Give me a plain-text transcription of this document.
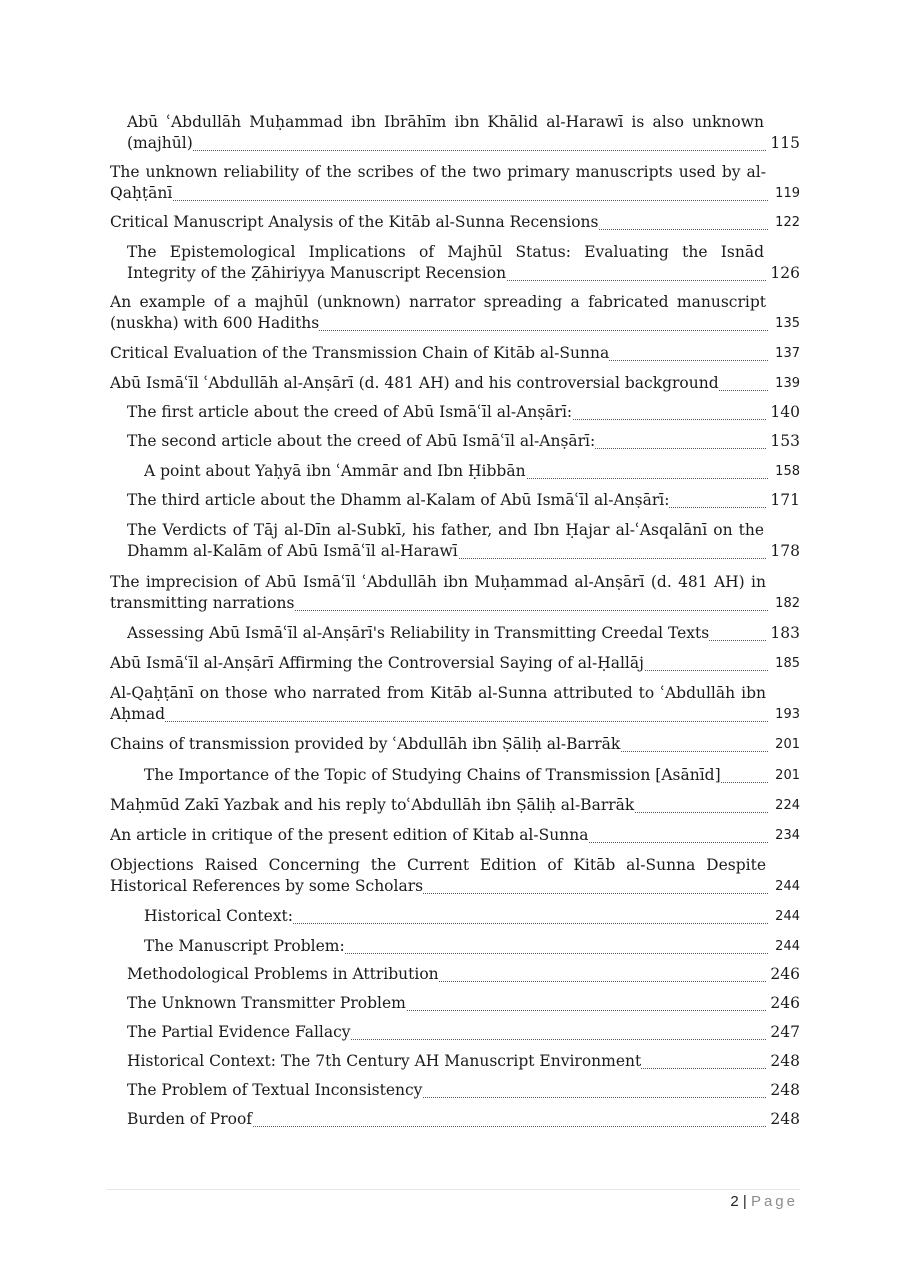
Abū ʿAbdullāh Muḥammad ibn Ibrāhīm ibn Khālid al-Harawī is also unknown (majhūl)	115
The unknown reliability of the scribes of the two primary manuscripts used by al-Qaḥṭānī	119
Critical Manuscript Analysis of the Kitāb al-Sunna Recensions	122
The Epistemological Implications of Majhūl Status: Evaluating the Isnād Integrity of the Ẓāhiriyya Manuscript Recension	126
An example of a majhūl (unknown) narrator spreading a fabricated manuscript (nuskha) with 600 Hadiths	135
Critical Evaluation of the Transmission Chain of Kitāb al-Sunna	137
Abū Ismāʿīl ʿAbdullāh al-Anṣārī (d. 481 AH) and his controversial background	139
The first article about the creed of Abū Ismāʿīl al-Anṣārī:	140
The second article about the creed of Abū Ismāʿīl al-Anṣārī:	153
A point about Yaḥyā ibn ʿAmmār and Ibn Ḥibbān	158
The third article about the Dhamm al-Kalam of Abū Ismāʿīl al-Anṣārī:	171
The Verdicts of Tāj al-Dīn al-Subkī, his father, and Ibn Ḥajar al-ʿAsqalānī on the Dhamm al-Kalām of Abū Ismāʿīl al-Harawī	178
The imprecision of Abū Ismāʿīl ʿAbdullāh ibn Muḥammad al-Anṣārī (d. 481 AH) in transmitting narrations	182
Assessing Abū Ismāʿīl al-Anṣārī's Reliability in Transmitting Creedal Texts	183
Abū Ismāʿīl al-Anṣārī Affirming the Controversial Saying of al-Ḥallāj	185
Al-Qaḥṭānī on those who narrated from Kitāb al-Sunna attributed to ʿAbdullāh ibn Aḥmad	193
Chains of transmission provided by ʿAbdullāh ibn Ṣāliḥ al-Barrāk	201
The Importance of the Topic of Studying Chains of Transmission [Asānīd]	201
Maḥmūd Zakī Yazbak and his reply toʿAbdullāh ibn Ṣāliḥ al-Barrāk	224
An article in critique of the present edition of Kitab al-Sunna	234
Objections Raised Concerning the Current Edition of Kitāb al-Sunna Despite Historical References by some Scholars	244
Historical Context:	244
The Manuscript Problem:	244
Methodological Problems in Attribution	246
The Unknown Transmitter Problem	246
The Partial Evidence Fallacy	247
Historical Context: The 7th Century AH Manuscript Environment	248
The Problem of Textual Inconsistency	248
Burden of Proof	248
2 | Page
